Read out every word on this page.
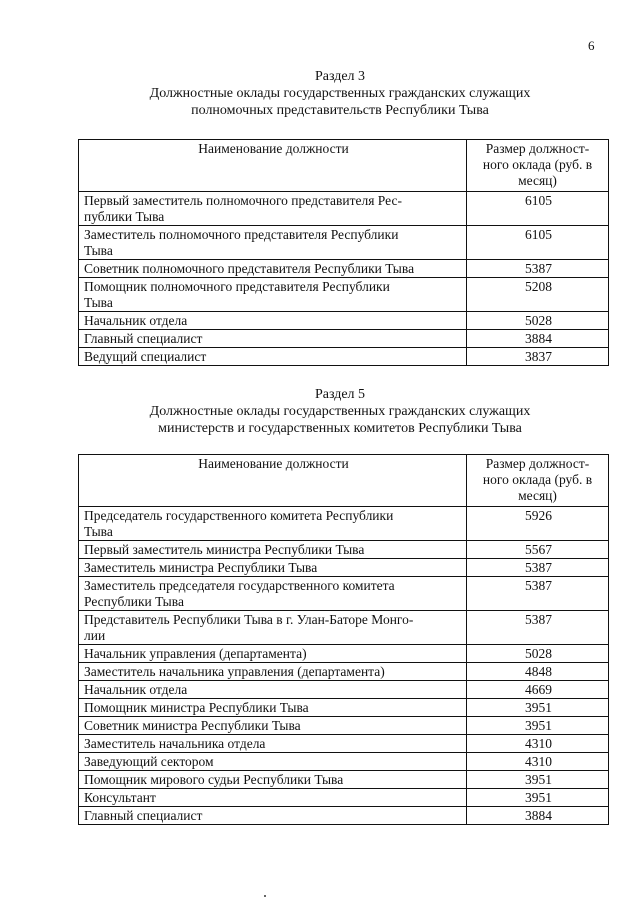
6
Раздел 3
Должностные оклады государственных гражданских служащих
полномочных представительств Республики Тыва
Наименование должности	Размер должност-
ного оклада (руб. в
месяц)

Первый заместитель полномочного представителя Рес-
публики Тыва	6105

Заместитель полномочного представителя Республики
Тыва	6105

Советник полномочного представителя Республики Тыва	5387

Помощник полномочного представителя Республики
Тыва	5208

Начальник отдела	5028

Главный специалист	3884

Ведущий специалист	3837
Раздел 5
Должностные оклады государственных гражданских служащих
министерств и государственных комитетов Республики Тыва
Наименование должности	Размер должност-
ного оклада (руб. в
месяц)

Председатель государственного комитета Республики
Тыва	5926

Первый заместитель министра Республики Тыва	5567

Заместитель министра Республики Тыва	5387

Заместитель председателя государственного комитета
Республики Тыва	5387

Представитель Республики Тыва в г. Улан-Баторе Монго-
лии	5387

Начальник управления (департамента)	5028

Заместитель начальника управления (департамента)	4848

Начальник отдела	4669

Помощник министра Республики Тыва	3951

Советник министра Республики Тыва	3951

Заместитель начальника отдела	4310

Заведующий сектором	4310

Помощник мирового судьи Республики Тыва	3951

Консультант	3951

Главный специалист	3884
